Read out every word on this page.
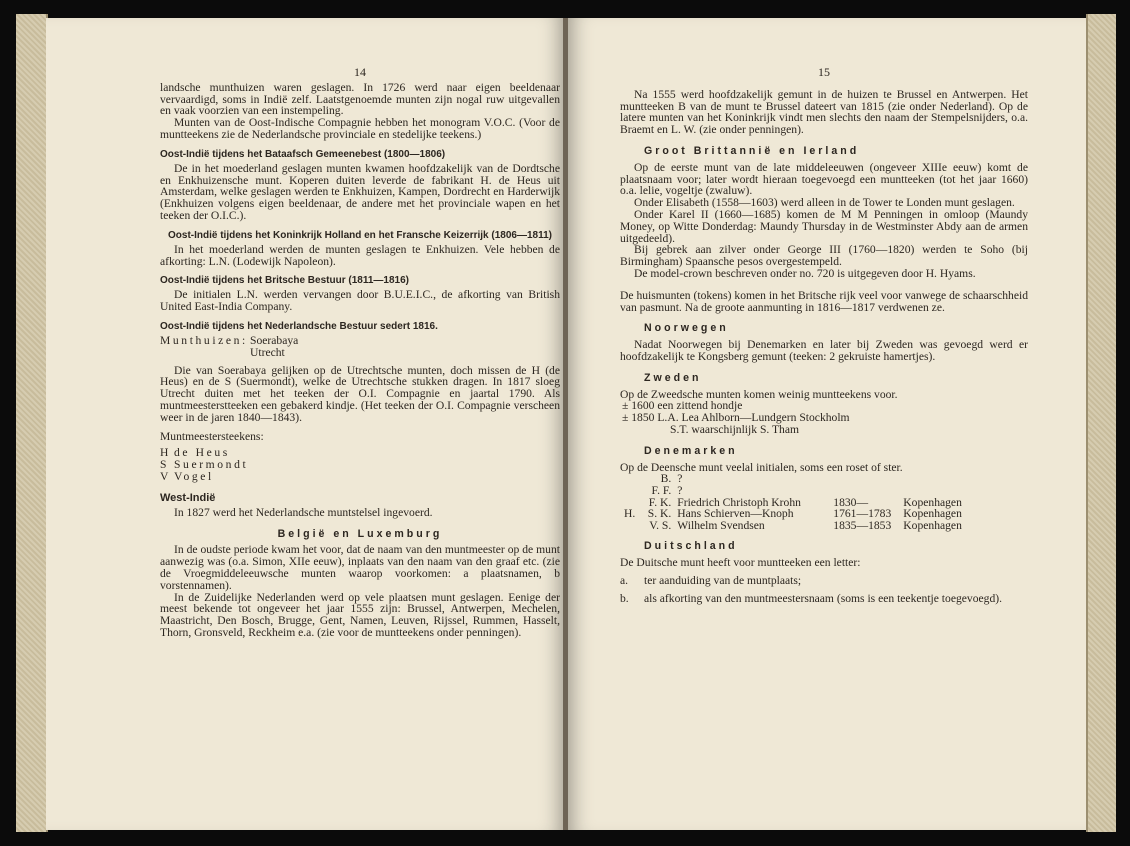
14

landsche munthuizen waren geslagen. In 1726 werd naar eigen beeldenaar vervaardigd, soms in Indië zelf. Laatstgenoemde munten zijn nogal ruw uitgevallen en vaak voorzien van een instempeling.

Munten van de Oost-Indische Compagnie hebben het monogram V.O.C. (Voor de muntteekens zie de Nederlandsche provinciale en stedelijke teekens.)

Oost-Indië tijdens het Bataafsch Gemeenebest (1800—1806)

De in het moederland geslagen munten kwamen hoofdzakelijk van de Dordtsche en Enkhuizensche munt. Koperen duiten leverde de fabrikant H. de Heus uit Amsterdam, welke geslagen werden te Enkhuizen, Kampen, Dordrecht en Harderwijk (Enkhuizen volgens eigen beeldenaar, de andere met het provinciale wapen en het teeken der O.I.C.).

Oost-Indië tijdens het Koninkrijk Holland en het Fransche Keizerrijk (1806—1811)

In het moederland werden de munten geslagen te Enkhuizen. Vele hebben de afkorting: L.N. (Lodewijk Napoleon).

Oost-Indië tijdens het Britsche Bestuur (1811—1816)

De initialen L.N. werden vervangen door B.U.E.I.C., de afkorting van British United East-India Company.

Oost-Indië tijdens het Nederlandsche Bestuur sedert 1816.
Munthuizen: Soerabaya
Utrecht

Die van Soerabaya gelijken op de Utrechtsche munten, doch missen de H (de Heus) en de S (Suermondt), welke de Utrechtsche stukken dragen. In 1817 sloeg Utrecht duiten met het teeken der O.I. Compagnie en jaartal 1790. Als muntmeesterstteeken een gebakerd kindje. (Het teeken der O.I. Compagnie verscheen weer in de jaren 1840—1843).

Muntmeestersteekens:
H de Heus
S Suermondt
V Vogel
West-Indië

In 1827 werd het Nederlandsche muntstelsel ingevoerd.

België en Luxemburg

In de oudste periode kwam het voor, dat de naam van den muntmeester op de munt aanwezig was (o.a. Simon, XIIe eeuw), inplaats van den naam van den graaf etc. (zie de Vroegmiddeleeuwsche munten waarop voorkomen: a plaatsnamen, b vorstennamen).

In de Zuidelijke Nederlanden werd op vele plaatsen munt geslagen. Eenige der meest bekende tot ongeveer het jaar 1555 zijn: Brussel, Antwerpen, Mechelen, Maastricht, Den Bosch, Brugge, Gent, Namen, Leuven, Rijssel, Rummen, Hasselt, Thorn, Gronsveld, Reckheim e.a. (zie voor de muntteekens onder penningen).

15

Na 1555 werd hoofdzakelijk gemunt in de huizen te Brussel en Antwerpen. Het muntteeken B van de munt te Brussel dateert van 1815 (zie onder Nederland). Op de latere munten van het Koninkrijk vindt men slechts den naam der Stempelsnijders, o.a. Braemt en L. W. (zie onder penningen).

Groot Brittannië en Ierland

Op de eerste munt van de late middeleeuwen (ongeveer XIIIe eeuw) komt de plaatsnaam voor; later wordt hieraan toegevoegd een muntteeken (tot het jaar 1660) o.a. lelie, vogeltje (zwaluw).

Onder Elisabeth (1558—1603) werd alleen in de Tower te Londen munt geslagen.

Onder Karel II (1660—1685) komen de M M Penningen in omloop (Maundy Money, op Witte Donderdag: Maundy Thursday in de Westminster Abdy aan de armen uitgedeeld).

Bij gebrek aan zilver onder George III (1760—1820) werden te Soho (bij Birmingham) Spaansche pesos overgestempeld.

De model-crown beschreven onder no. 720 is uitgegeven door H. Hyams.

De huismunten (tokens) komen in het Britsche rijk veel voor vanwege de schaarschheid van pasmunt. Na de groote aanmunting in 1816—1817 verdwenen ze.

Noorwegen

Nadat Noorwegen bij Denemarken en later bij Zweden was gevoegd werd er hoofdzakelijk te Kongsberg gemunt (teeken: 2 gekruiste hamertjes).

Zweden

Op de Zweedsche munten komen weinig muntteekens voor.

± 1600 een zittend hondje
± 1850 L.A. Lea Ahlborn—Lundgern Stockholm
S.T. waarschijnlijk S. Tham
Denemarken

Op de Deensche munt veelal initialen, soms een roset of ster.

	B.	?		
	F. F.	?		
	F. K.	Friedrich Christoph Krohn	1830—	Kopenhagen
H.	S. K.	Hans Schierven—Knoph	1761—1783	Kopenhagen
	V. S.	Wilhelm Svendsen	1835—1853	Kopenhagen
Duitschland

De Duitsche munt heeft voor muntteeken een letter:

a.	ter aanduiding van de muntplaats;
b.	als afkorting van den muntmeestersnaam (soms is een teekentje toegevoegd).
